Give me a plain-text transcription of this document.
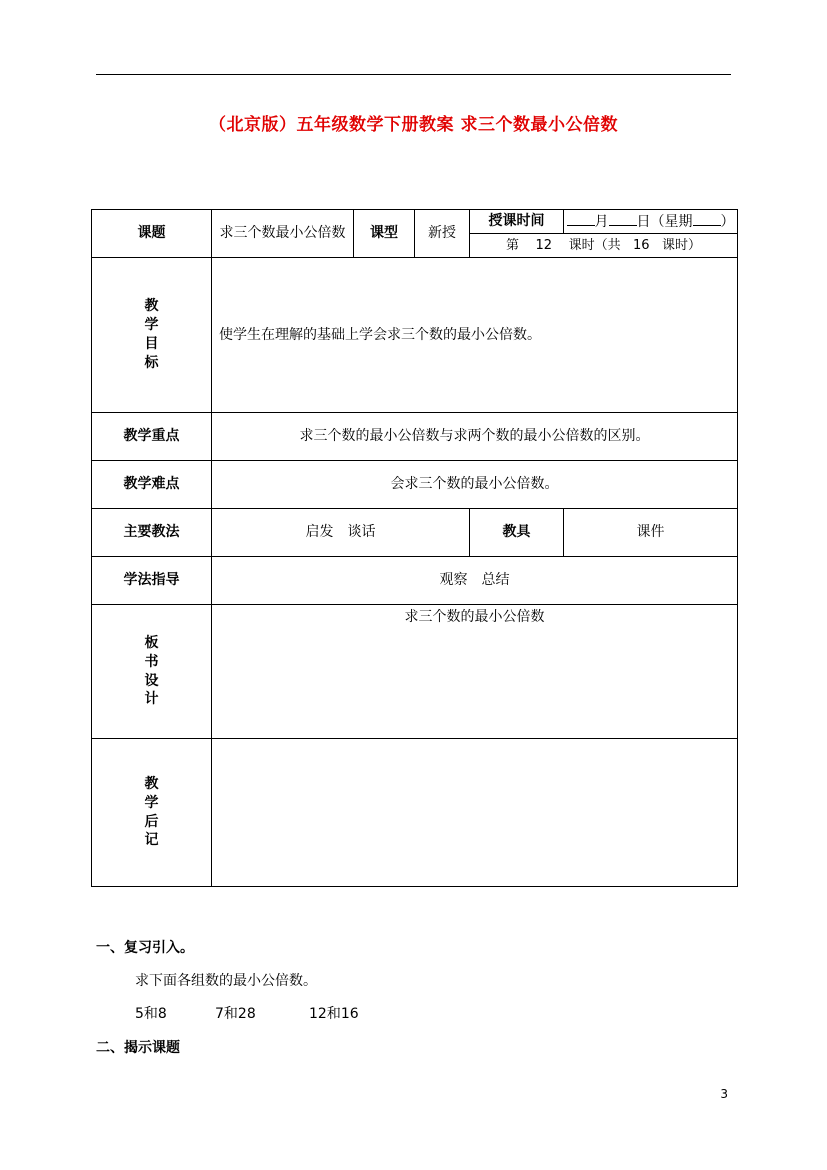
（北京版）五年级数学下册教案 求三个数最小公倍数
课题	求三个数最小公倍数	课型	新授	授课时间	月 日（星期 ）
				第 12 课时（共 16 课时）	

教
学
目
标	使学生在理解的基础上学会求三个数的最小公倍数。				
教学重点	求三个数的最小公倍数与求两个数的最小公倍数的区别。				
教学难点	会求三个数的最小公倍数。				
主要教法	启发　谈话			教具	课件
学法指导	观察　总结				

板
书
设
计	求三个数的最小公倍数				

教
学
后
记					

一、复习引入。
求下面各组数的最小公倍数。
5和8	7和28	12和16
二、揭示课题
3
